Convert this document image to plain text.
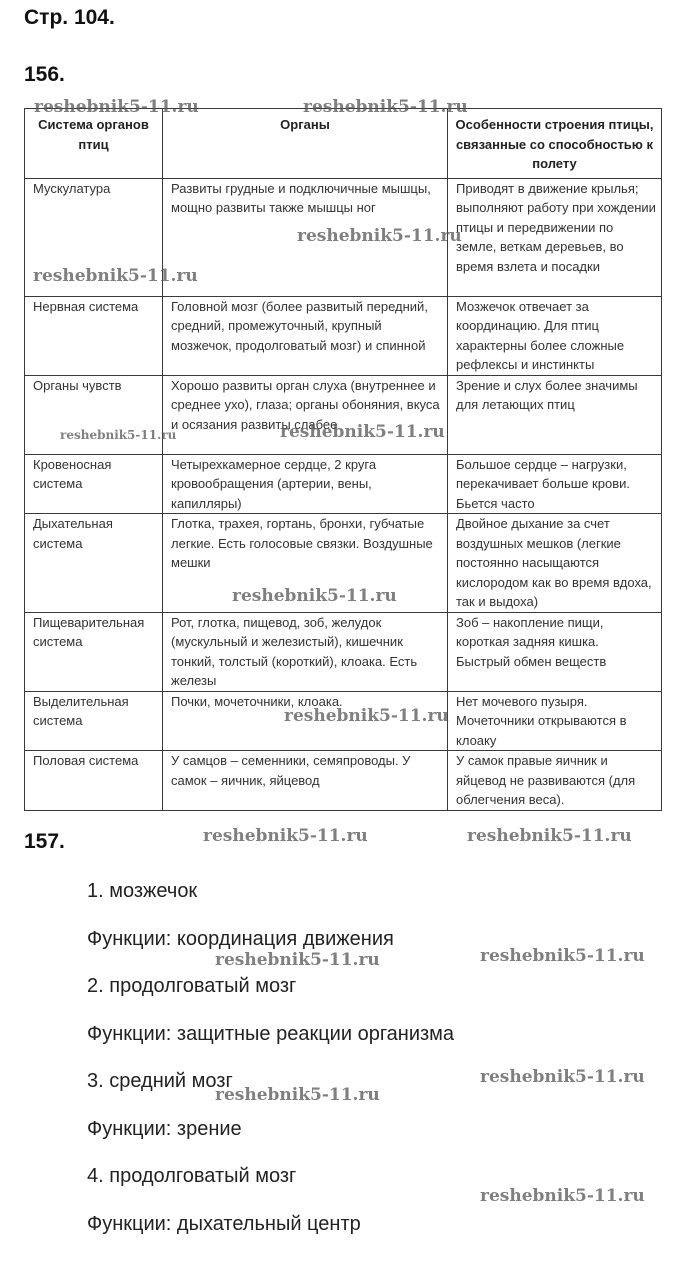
Стр. 104.
156.
Система органов птиц	Органы	Особенности строения птицы, связанные со способностью к полету
Мускулатура	Развиты грудные и подключичные мышцы, мощно развиты также мышцы ног	Приводят в движение крылья; выполняют работу при хождении птицы и передвижении по земле, веткам деревьев, во время взлета и посадки
Нервная система	Головной мозг (более развитый передний, средний, промежуточный, крупный мозжечок, продолговатый мозг) и спинной	Мозжечок отвечает за координацию. Для птиц характерны более сложные рефлексы и инстинкты
Органы чувств	Хорошо развиты орган слуха (внутреннее и среднее ухо), глаза; органы обоняния, вкуса и осязания развиты слабее	Зрение и слух более значимы для летающих птиц
Кровеносная система	Четырехкамерное сердце, 2 круга кровообращения (артерии, вены, капилляры)	Большое сердце – нагрузки, перекачивает больше крови. Бьется часто
Дыхательная система	Глотка, трахея, гортань, бронхи, губчатые легкие. Есть голосовые связки. Воздушные мешки	Двойное дыхание за счет воздушных мешков (легкие постоянно насыщаются кислородом как во время вдоха, так и выдоха)
Пищеварительная система	Рот, глотка, пищевод, зоб, желудок (мускульный и железистый), кишечник тонкий, толстый (короткий), клоака. Есть железы	Зоб – накопление пищи, короткая задняя кишка. Быстрый обмен веществ
Выделительная система	Почки, мочеточники, клоака.	Нет мочевого пузыря. Мочеточники открываются в клоаку
Половая система	У самцов – семенники, семяпроводы. У самок – яичник, яйцевод	У самок правые яичник и яйцевод не развиваются (для облегчения веса).
157.

1. мозжечок

Функции: координация движения

2. продолговатый мозг

Функции: защитные реакции организма

3. средний мозг

Функции: зрение

4. продолговатый мозг

Функции: дыхательный центр

reshebnik5-11.ru	reshebnik5-11.ru
reshebnik5-11.ru
reshebnik5-11.ru
reshebnik5-11.ru	reshebnik5-11.ru
reshebnik5-11.ru
reshebnik5-11.ru
reshebnik5-11.ru	reshebnik5-11.ru
reshebnik5-11.ru	reshebnik5-11.ru
reshebnik5-11.ru
reshebnik5-11.ru
reshebnik5-11.ru
